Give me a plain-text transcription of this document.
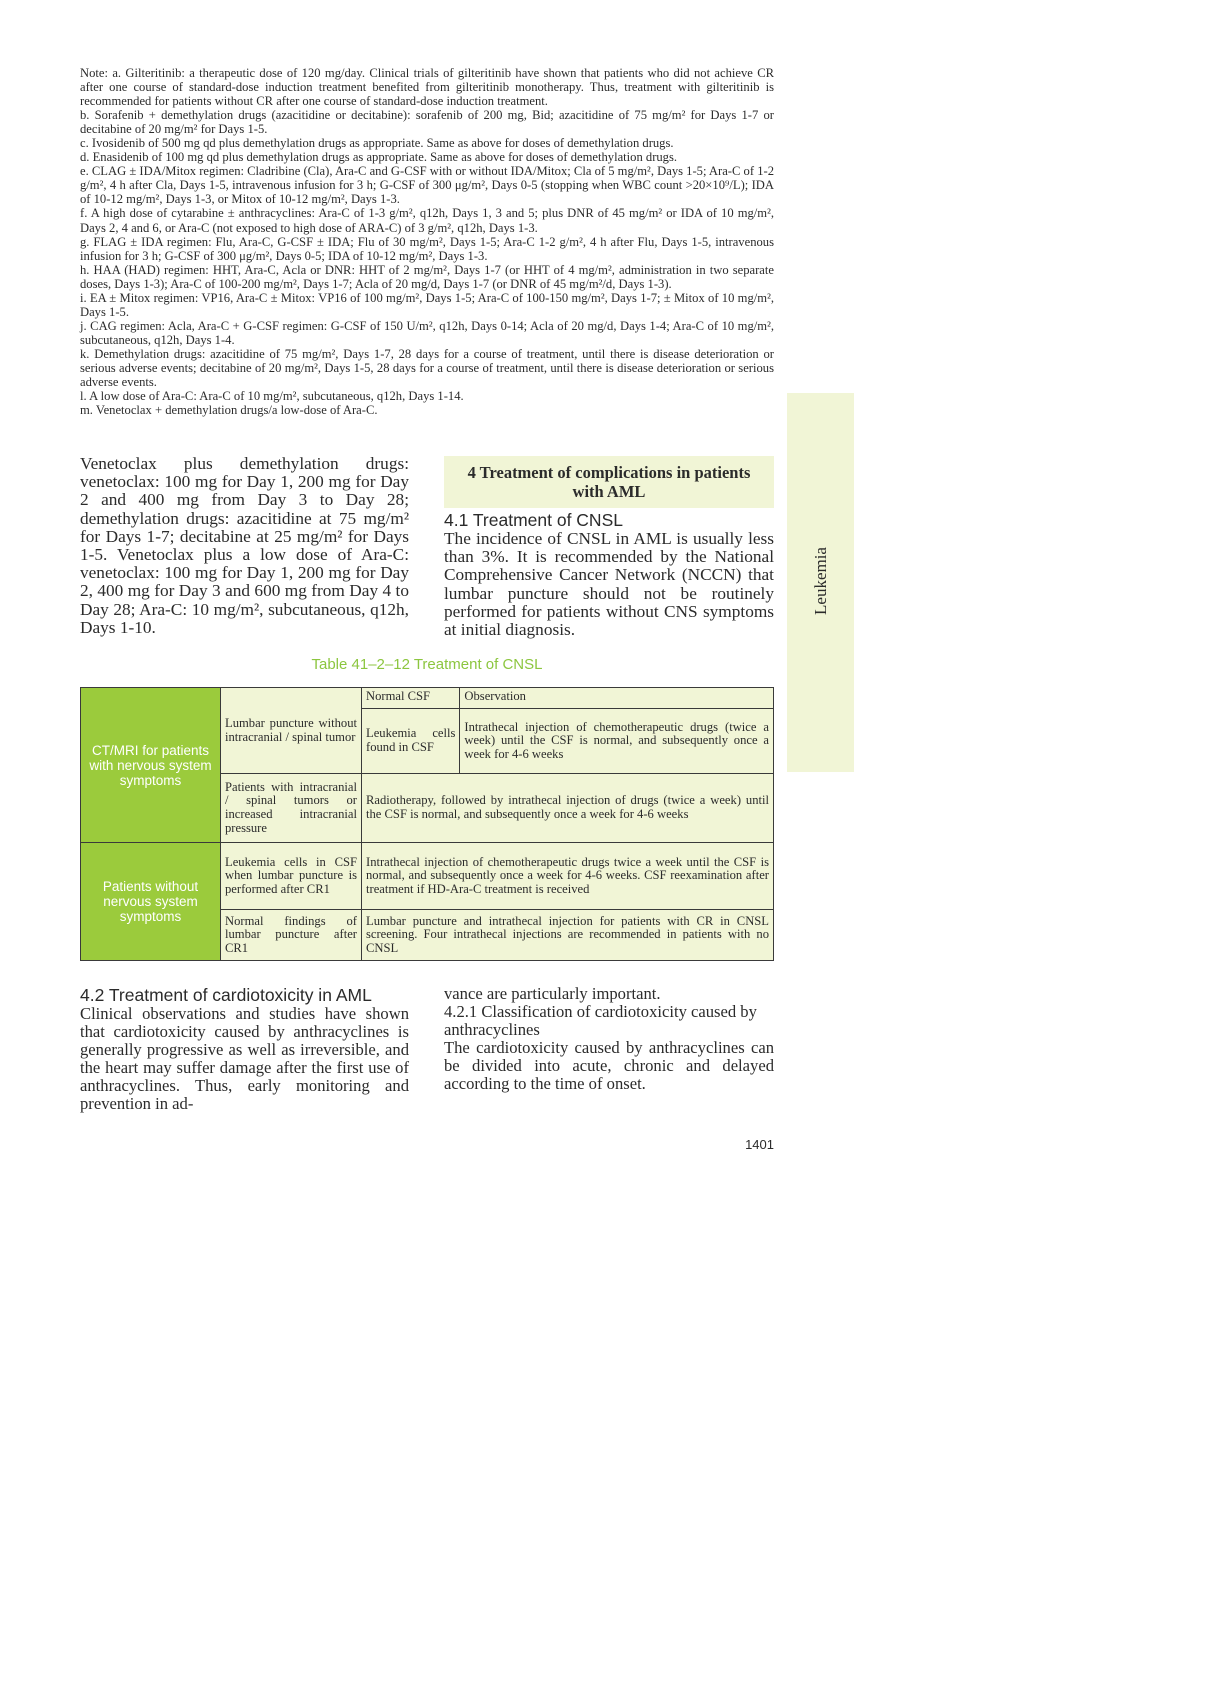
Note: a. Gilteritinib: a therapeutic dose of 120 mg/day. Clinical trials of gilteritinib have shown that patients who did not achieve CR after one course of standard-dose induction treatment benefited from gilteritinib monotherapy. Thus, treatment with gilteritinib is recommended for patients without CR after one course of standard-dose induction treatment.

b. Sorafenib + demethylation drugs (azacitidine or decitabine): sorafenib of 200 mg, Bid; azacitidine of 75 mg/m² for Days 1-7 or decitabine of 20 mg/m² for Days 1-5.

c. Ivosidenib of 500 mg qd plus demethylation drugs as appropriate. Same as above for doses of demethylation drugs.

d. Enasidenib of 100 mg qd plus demethylation drugs as appropriate. Same as above for doses of demethylation drugs.

e. CLAG ± IDA/Mitox regimen: Cladribine (Cla), Ara-C and G-CSF with or without IDA/Mitox; Cla of 5 mg/m², Days 1-5; Ara-C of 1-2 g/m², 4 h after Cla, Days 1-5, intravenous infusion for 3 h; G-CSF of 300 μg/m², Days 0-5 (stopping when WBC count >20×10⁹/L); IDA of 10-12 mg/m², Days 1-3, or Mitox of 10-12 mg/m², Days 1-3.

f. A high dose of cytarabine ± anthracyclines: Ara-C of 1-3 g/m², q12h, Days 1, 3 and 5; plus DNR of 45 mg/m² or IDA of 10 mg/m², Days 2, 4 and 6, or Ara-C (not exposed to high dose of ARA-C) of 3 g/m², q12h, Days 1-3.

g. FLAG ± IDA regimen: Flu, Ara-C, G-CSF ± IDA; Flu of 30 mg/m², Days 1-5; Ara-C 1-2 g/m², 4 h after Flu, Days 1-5, intravenous infusion for 3 h; G-CSF of 300 μg/m², Days 0-5; IDA of 10-12 mg/m², Days 1-3.

h. HAA (HAD) regimen: HHT, Ara-C, Acla or DNR: HHT of 2 mg/m², Days 1-7 (or HHT of 4 mg/m², administration in two separate doses, Days 1-3); Ara-C of 100-200 mg/m², Days 1-7; Acla of 20 mg/d, Days 1-7 (or DNR of 45 mg/m²/d, Days 1-3).

i. EA ± Mitox regimen: VP16, Ara-C ± Mitox: VP16 of 100 mg/m², Days 1-5; Ara-C of 100-150 mg/m², Days 1-7; ± Mitox of 10 mg/m², Days 1-5.

j. CAG regimen: Acla, Ara-C + G-CSF regimen: G-CSF of 150 U/m², q12h, Days 0-14; Acla of 20 mg/d, Days 1-4; Ara-C of 10 mg/m², subcutaneous, q12h, Days 1-4.

k. Demethylation drugs: azacitidine of 75 mg/m², Days 1-7, 28 days for a course of treatment, until there is disease deterioration or serious adverse events; decitabine of 20 mg/m², Days 1-5, 28 days for a course of treatment, until there is disease deterioration or serious adverse events.

l. A low dose of Ara-C: Ara-C of 10 mg/m², subcutaneous, q12h, Days 1-14.

m. Venetoclax + demethylation drugs/a low-dose of Ara-C.

Venetoclax plus demethylation drugs: venetoclax: 100 mg for Day 1, 200 mg for Day 2 and 400 mg from Day 3 to Day 28; demethylation drugs: azacitidine at 75 mg/m² for Days 1-7; decitabine at 25 mg/m² for Days 1-5. Venetoclax plus a low dose of Ara-C: venetoclax: 100 mg for Day 1, 200 mg for Day 2, 400 mg for Day 3 and 600 mg from Day 4 to Day 28; Ara-C: 10 mg/m², subcutaneous, q12h, Days 1-10.

4 Treatment of complications in patients with AML

4.1 Treatment of CNSL

The incidence of CNSL in AML is usually less than 3%. It is recommended by the National Comprehensive Cancer Network (NCCN) that lumbar puncture should not be routinely performed for patients without CNS symptoms at initial diagnosis.

Leukemia
Table 41–2–12 Treatment of CNSL
CT/MRI for patients with nervous system symptoms	Lumbar puncture without intracranial / spinal tumor	Normal CSF	Observation
		Leukemia cells found in CSF	Intrathecal injection of chemotherapeutic drugs (twice a week) until the CSF is normal, and subsequently once a week for 4-6 weeks
	Patients with intracranial / spinal tumors or increased intracranial pressure	Radiotherapy, followed by intrathecal injection of drugs (twice a week) until the CSF is normal, and subsequently once a week for 4-6 weeks	

Patients without nervous system symptoms	Leukemia cells in CSF when lumbar puncture is performed after CR1	Intrathecal injection of chemotherapeutic drugs twice a week until the CSF is normal, and subsequently once a week for 4-6 weeks. CSF reexamination after treatment if HD-Ara-C treatment is received	
	Normal findings of lumbar puncture after CR1	Lumbar puncture and intrathecal injection for patients with CR in CNSL screening. Four intrathecal injections are recommended in patients with no CNSL	

4.2 Treatment of cardiotoxicity in AML

Clinical observations and studies have shown that cardiotoxicity caused by anthracyclines is generally progressive as well as irreversible, and the heart may suffer damage after the first use of anthracyclines. Thus, early monitoring and prevention in ad-

vance are particularly important.

4.2.1 Classification of cardiotoxicity caused by anthracyclines

The cardiotoxicity caused by anthracyclines can be divided into acute, chronic and delayed according to the time of onset.

1401
